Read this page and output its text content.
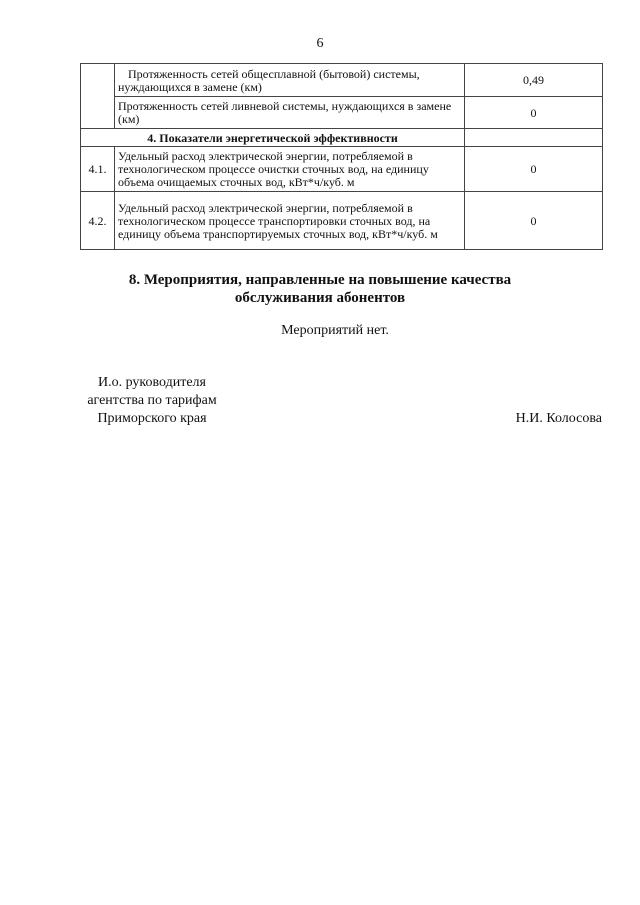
6
	Протяженность сетей общесплавной (бытовой) системы, нуждающихся в замене (км)	0,49
	Протяженность сетей ливневой системы, нуждающихся в замене (км)	0
4. Показатели энергетической эффективности		
4.1.	Удельный расход электрической энергии, потребляемой в технологическом процессе очистки сточных вод, на единицу объема очищаемых сточных вод, кВт*ч/куб. м	0
4.2.	Удельный расход электрической энергии, потребляемой в технологическом процессе транспортировки сточных вод, на единицу объема транспортируемых сточных вод, кВт*ч/куб. м	0
8. Мероприятия, направленные на повышение качества
обслуживания абонентов
Мероприятий нет.
И.о. руководителя
агентства по тарифам
Приморского края	Н.И. Колосова
